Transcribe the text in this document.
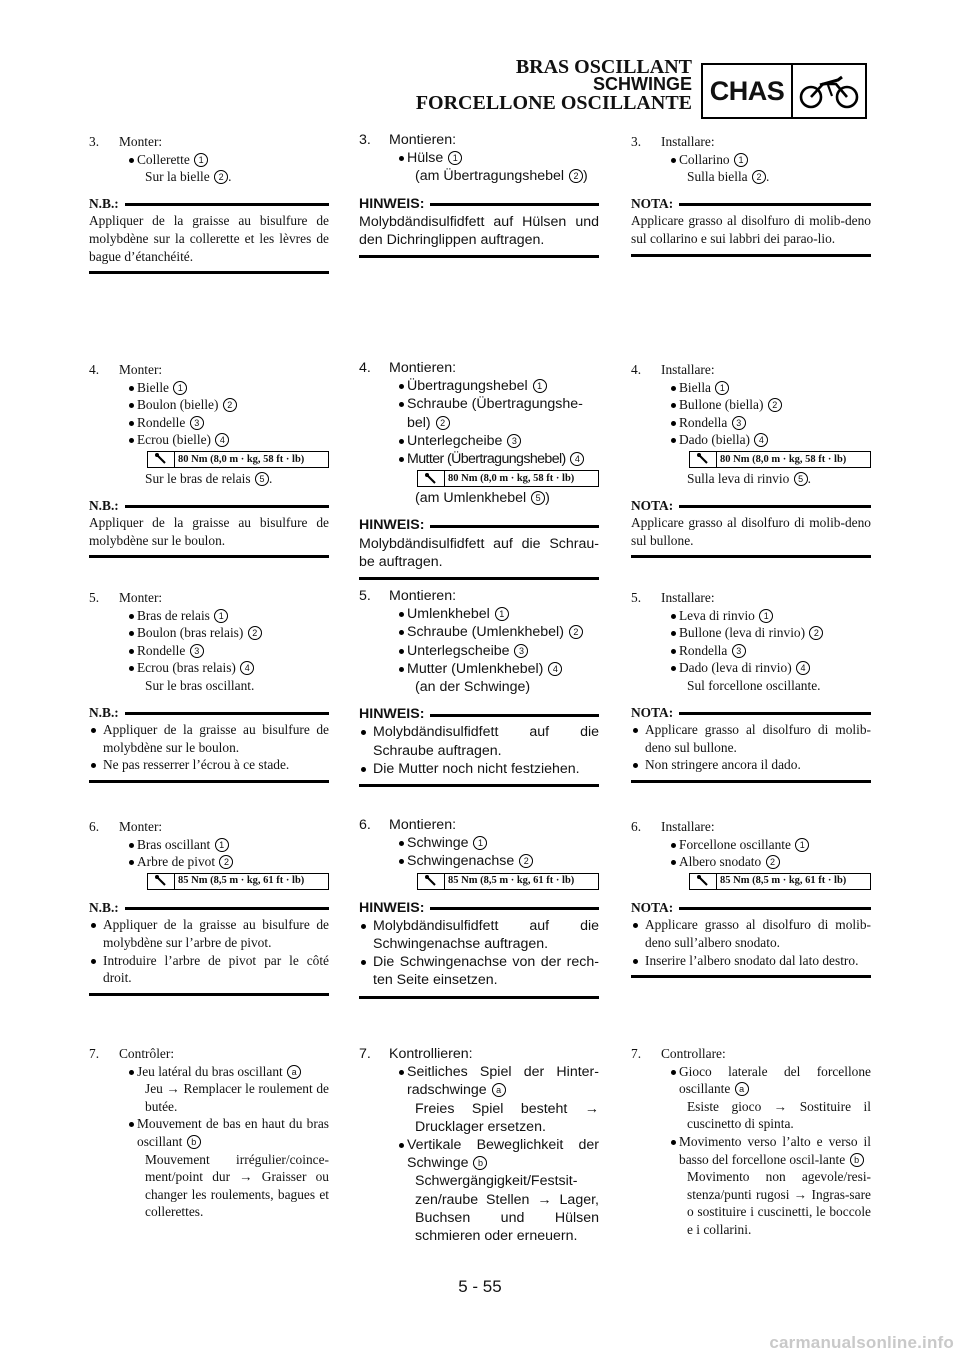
BRAS OSCILLANT
SCHWINGE
FORCELLONE OSCILLANTE CHAS
3. Monter:
Collerette 1
Sur la bielle 2 .
N.B.:
Appliquer de la graisse au bisulfure de molybdène sur la collerette et les lèvres de bague d’étanchéité.
4. Monter:
Bielle 1
Boulon (bielle) 2
Rondelle 3
Ecrou (bielle) 4
80 Nm (8,0 m · kg, 58 ft · lb)
Sur le bras de relais 5 .
N.B.:
Appliquer de la graisse au bisulfure de molybdène sur le boulon.
5. Monter:
Bras de relais 1
Boulon (bras relais) 2
Rondelle 3
Ecrou (bras relais) 4
Sur le bras oscillant.
N.B.:
Appliquer de la graisse au bisulfure de molybdène sur le boulon.
Ne pas resserrer l’écrou à ce stade.
6. Monter:
Bras oscillant 1
Arbre de pivot 2
85 Nm (8,5 m · kg, 61 ft · lb)
N.B.:
Appliquer de la graisse au bisulfure de molybdène sur l’arbre de pivot.
Introduire l’arbre de pivot par le côté droit.
7. Contrôler:
Jeu latéral du bras oscillant a
Jeu → Remplacer le roulement de butée.
Mouvement de bas en haut du bras oscillant b
Mouvement irrégulier/coince-ment/point dur → Graisser ou changer les roulements, bagues et collerettes.
3. Montieren:
Hülse 1
(am Übertragungshebel 2 )
HINWEIS:
Molybdändisulfidfett auf Hülsen und den Dichringlippen auftragen.
4. Montieren:
Übertragungshebel 1
Schraube (Übertragungshe-bel) 2
Unterlegcheibe 3
Mutter (Übertragungshebel) 4
80 Nm (8,0 m · kg, 58 ft · lb)
(am Umlenkhebel 5 )
HINWEIS:
Molybdändisulfidfett auf die Schrau-be auftragen.
5. Montieren:
Umlenkhebel 1
Schraube (Umlenkhebel) 2
Unterlegscheibe 3
Mutter (Umlenkhebel) 4
(an der Schwinge)
HINWEIS:
Molybdändisulfidfett auf die Schraube auftragen.
Die Mutter noch nicht festziehen.
6. Montieren:
Schwinge 1
Schwingenachse 2
85 Nm (8,5 m · kg, 61 ft · lb)
HINWEIS:
Molybdändisulfidfett auf die Schwingenachse auftragen.
Die Schwingenachse von der rech-ten Seite einsetzen.
7. Kontrollieren:
Seitliches Spiel der Hinter-radschwinge a
Freies Spiel besteht → Drucklager ersetzen.
Vertikale Beweglichkeit der Schwinge b
Schwergängigkeit/Festsit-zen/raube Stellen → Lager, Buchsen und Hülsen schmieren oder erneuern.
3. Installare:
Collarino 1
Sulla biella 2 .
NOTA:
Applicare grasso al disolfuro di molib-deno sul collarino e sui labbri dei parao-lio.
4. Installare:
Biella 1
Bullone (biella) 2
Rondella 3
Dado (biella) 4
80 Nm (8,0 m · kg, 58 ft · lb)
Sulla leva di rinvio 5 .
NOTA:
Applicare grasso al disolfuro di molib-deno sul bullone.
5. Installare:
Leva di rinvio 1
Bullone (leva di rinvio) 2
Rondella 3
Dado (leva di rinvio) 4
Sul forcellone oscillante.
NOTA:
Applicare grasso al disolfuro di molib-deno sul bullone.
Non stringere ancora il dado.
6. Installare:
Forcellone oscillante 1
Albero snodato 2
85 Nm (8,5 m · kg, 61 ft · lb)
NOTA:
Applicare grasso al disolfuro di molib-deno sull’albero snodato.
Inserire l’albero snodato dal lato destro.
7. Controllare:
Gioco laterale del forcellone oscillante a
Esiste gioco → Sostituire il cuscinetto di spinta.
Movimento verso l’alto e verso il basso del forcellone oscil-lante b
Movimento non agevole/resi-stenza/punti rugosi → Ingras-sare o sostituire i cuscinetti, le boccole e i collarini.
5 - 55
carmanualsonline.info
